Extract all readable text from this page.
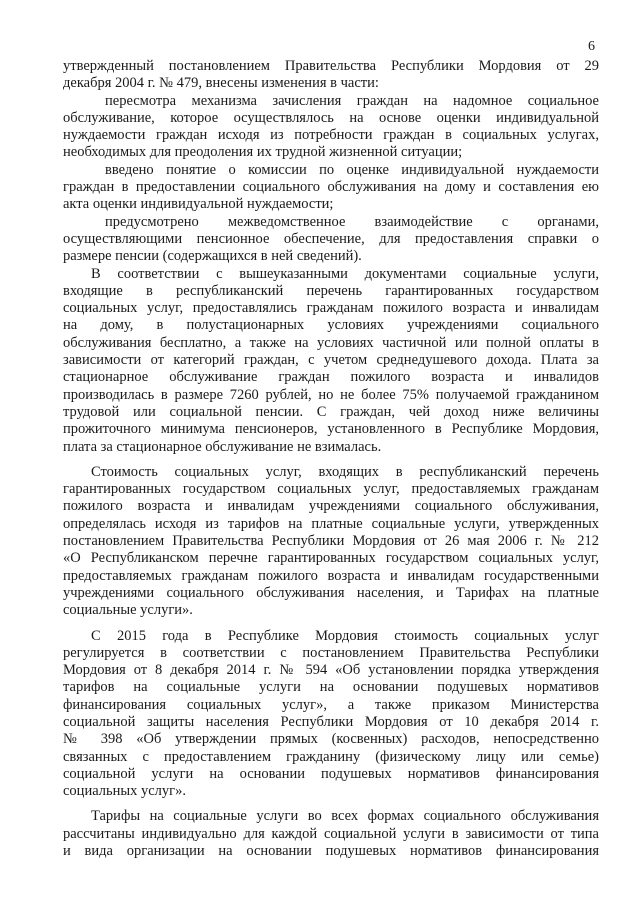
6
утвержденный постановлением Правительства Республики Мордовия от 29
декабря 2004 г. № 479, внесены изменения в части:
пересмотра механизма зачисления граждан на надомное социальное
обслуживание, которое осуществлялось на основе оценки индивидуальной
нуждаемости граждан исходя из потребности граждан в социальных услугах,
необходимых для преодоления их трудной жизненной ситуации;
введено понятие о комиссии по оценке индивидуальной нуждаемости
граждан в предоставлении социального обслуживания на дому и составления ею
акта оценки индивидуальной нуждаемости;
предусмотрено межведомственное взаимодействие с органами,
осуществляющими пенсионное обеспечение, для предоставления справки о
размере пенсии (содержащихся в ней сведений).
В соответствии с вышеуказанными документами социальные услуги,
входящие в республиканский перечень гарантированных государством
социальных услуг, предоставлялись гражданам пожилого возраста и инвалидам
на дому, в полустационарных условиях учреждениями социального
обслуживания бесплатно, а также на условиях частичной или полной оплаты в
зависимости от категорий граждан, с учетом среднедушевого дохода. Плата за
стационарное обслуживание граждан пожилого возраста и инвалидов
производилась в размере 7260 рублей, но не более 75% получаемой гражданином
трудовой или социальной пенсии. С граждан, чей доход ниже величины
прожиточного минимума пенсионеров, установленного в Республике Мордовия,
плата за стационарное обслуживание не взималась.
Стоимость социальных услуг, входящих в республиканский перечень
гарантированных государством социальных услуг, предоставляемых гражданам
пожилого возраста и инвалидам учреждениями социального обслуживания,
определялась исходя из тарифов на платные социальные услуги, утвержденных
постановлением Правительства Республики Мордовия от 26 мая 2006 г. № 212
«О Республиканском перечне гарантированных государством социальных услуг,
предоставляемых гражданам пожилого возраста и инвалидам государственными
учреждениями социального обслуживания населения, и Тарифах на платные
социальные услуги».
С 2015 года в Республике Мордовия стоимость социальных услуг
регулируется в соответствии с постановлением Правительства Республики
Мордовия от 8 декабря 2014 г. № 594 «Об установлении порядка утверждения
тарифов на социальные услуги на основании подушевых нормативов
финансирования социальных услуг», а также приказом Министерства
социальной защиты населения Республики Мордовия от 10 декабря 2014 г.
№ 398 «Об утверждении прямых (косвенных) расходов, непосредственно
связанных с предоставлением гражданину (физическому лицу или семье)
социальной услуги на основании подушевых нормативов финансирования
социальных услуг».
Тарифы на социальные услуги во всех формах социального обслуживания
рассчитаны индивидуально для каждой социальной услуги в зависимости от типа
и вида организации на основании подушевых нормативов финансирования
